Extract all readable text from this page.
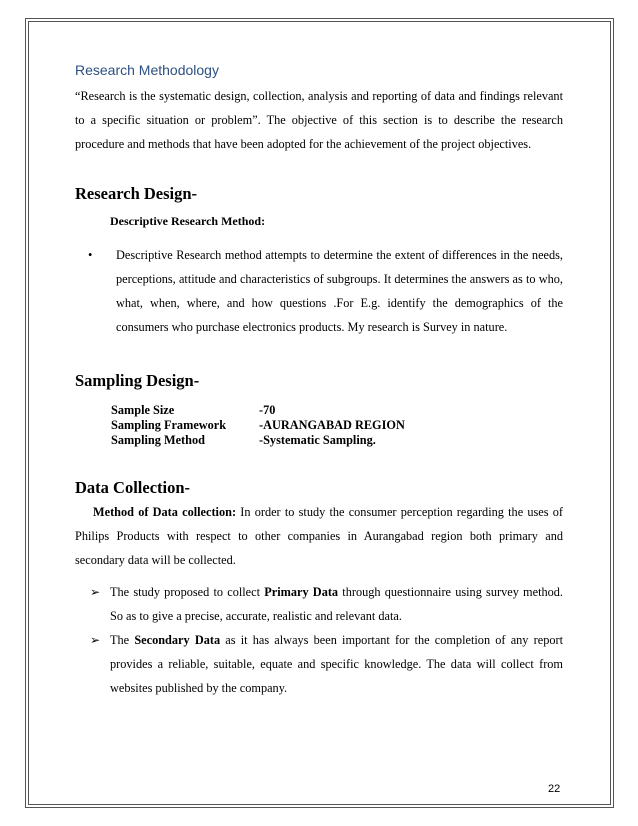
Research Methodology

“Research is the systematic design, collection, analysis and reporting of data and findings relevant to a specific situation or problem”. The objective of this section is to describe the research procedure and methods that have been adopted for the achievement of the project objectives.

Research Design-

Descriptive Research Method:

•	Descriptive Research method attempts to determine the extent of differences in the needs, perceptions, attitude and characteristics of subgroups. It determines the answers as to who, what, when, where, and how questions .For E.g. identify the demographics of the consumers who purchase electronics products. My research is Survey in nature.
Sampling Design-
Sample Size	-70
Sampling Framework	-AURANGABAD REGION
Sampling Method	-Systematic Sampling.
Data Collection-

Method of Data collection: In order to study the consumer perception regarding the uses of Philips Products with respect to other companies in Aurangabad region both primary and secondary data will be collected.

➢ The study proposed to collect Primary Data through questionnaire using survey method. So as to give a precise, accurate, realistic and relevant data.
➢ The Secondary Data as it has always been important for the completion of any report provides a reliable, suitable, equate and specific knowledge. The data will collect from websites published by the company.
22
